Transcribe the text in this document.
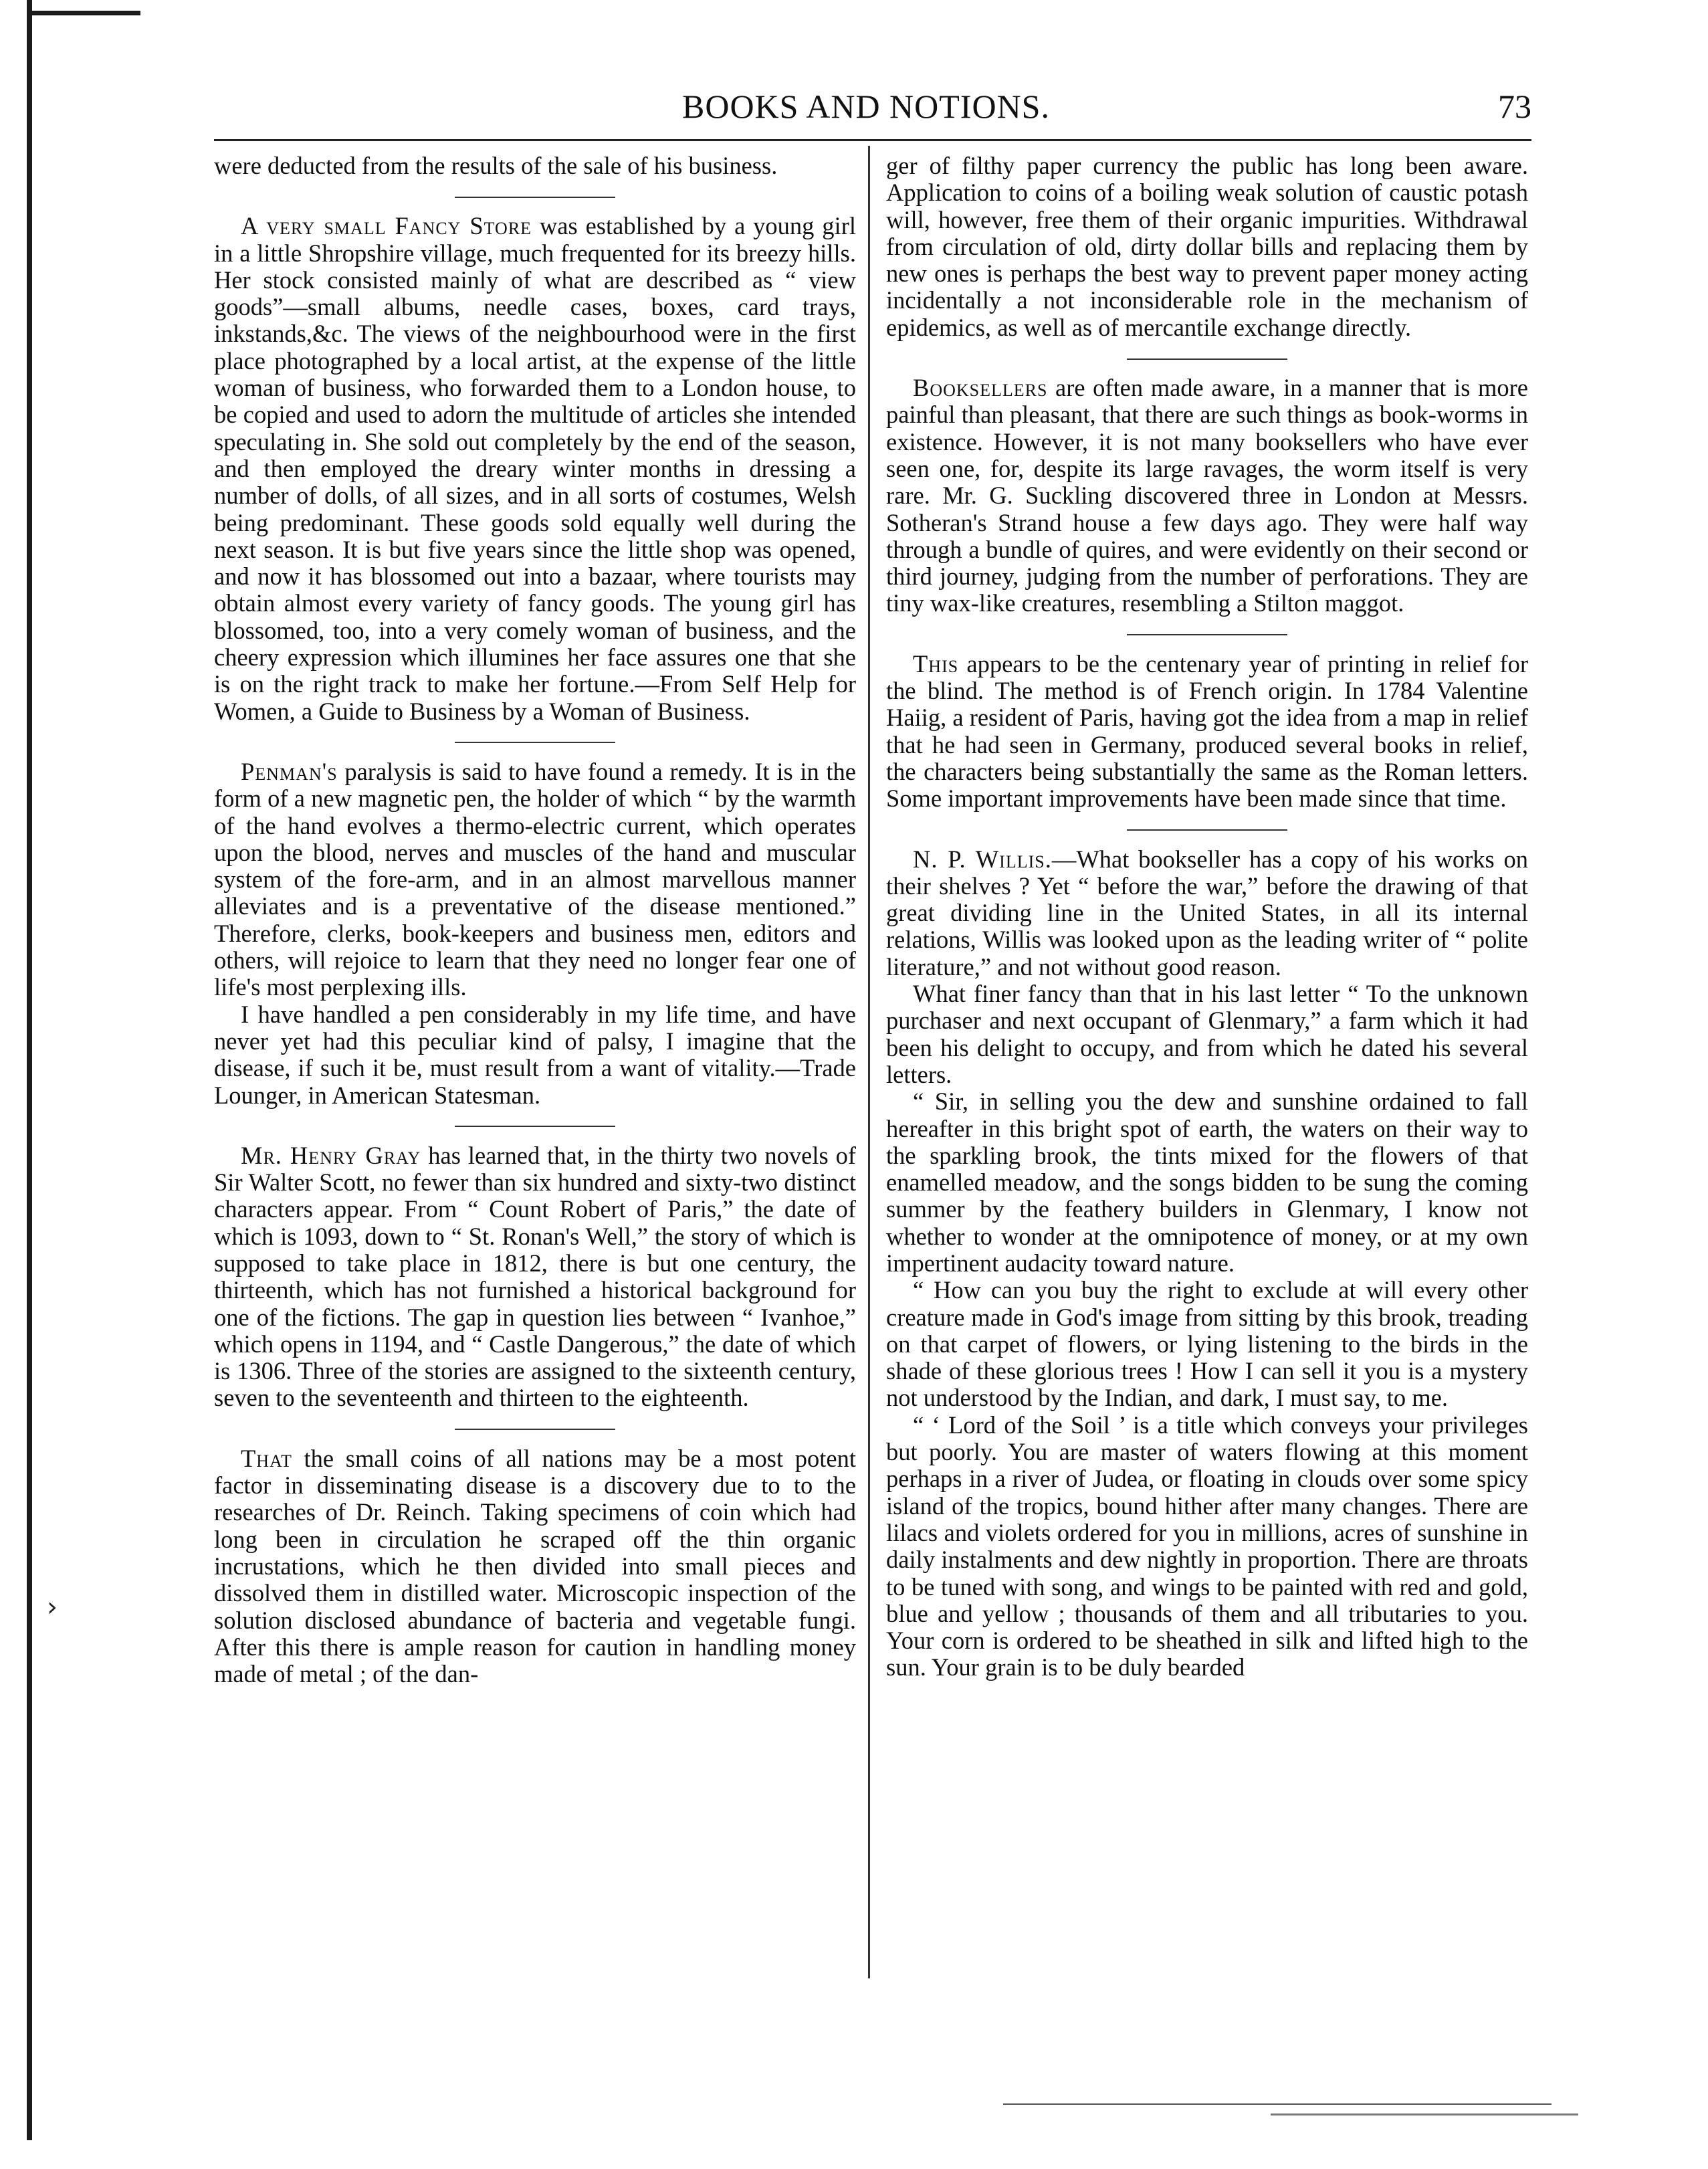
BOOKS AND NOTIONS.	73

were deducted from the results of the sale of his business.

A very small Fancy Store was established by a young girl in a little Shropshire village, much frequented for its breezy hills. Her stock consisted mainly of what are described as “ view goods”—small albums, needle cases, boxes, card trays, inkstands,&c. The views of the neighbourhood were in the first place photographed by a local artist, at the expense of the little woman of business, who forwarded them to a London house, to be copied and used to adorn the multitude of articles she intended speculating in. She sold out completely by the end of the season, and then employed the dreary winter months in dressing a number of dolls, of all sizes, and in all sorts of costumes, Welsh being predominant. These goods sold equally well during the next season. It is but five years since the little shop was opened, and now it has blossomed out into a bazaar, where tourists may obtain almost every variety of fancy goods. The young girl has blossomed, too, into a very comely woman of business, and the cheery expression which illumines her face assures one that she is on the right track to make her fortune.—From Self Help for Women, a Guide to Business by a Woman of Business.

Penman's paralysis is said to have found a remedy. It is in the form of a new magnetic pen, the holder of which “ by the warmth of the hand evolves a thermo-electric current, which operates upon the blood, nerves and muscles of the hand and muscular system of the fore-arm, and in an almost marvellous manner alleviates and is a preventative of the disease mentioned.” Therefore, clerks, book-keepers and business men, editors and others, will rejoice to learn that they need no longer fear one of life's most perplexing ills.

I have handled a pen considerably in my life time, and have never yet had this peculiar kind of palsy, I imagine that the disease, if such it be, must result from a want of vitality.—Trade Lounger, in American Statesman.

Mr. Henry Gray has learned that, in the thirty two novels of Sir Walter Scott, no fewer than six hundred and sixty-two distinct characters appear. From “ Count Robert of Paris,” the date of which is 1093, down to “ St. Ronan's Well,” the story of which is supposed to take place in 1812, there is but one century, the thirteenth, which has not furnished a historical background for one of the fictions. The gap in question lies between “ Ivanhoe,” which opens in 1194, and “ Castle Dangerous,” the date of which is 1306. Three of the stories are assigned to the sixteenth century, seven to the seventeenth and thirteen to the eighteenth.

That the small coins of all nations may be a most potent factor in disseminating disease is a discovery due to to the researches of Dr. Reinch. Taking specimens of coin which had long been in circulation he scraped off the thin organic incrustations, which he then divided into small pieces and dissolved them in distilled water. Microscopic inspection of the solution disclosed abundance of bacteria and vegetable fungi. After this there is ample reason for caution in handling money made of metal ; of the dan-

ger of filthy paper currency the public has long been aware. Application to coins of a boiling weak solution of caustic potash will, however, free them of their organic impurities. Withdrawal from circulation of old, dirty dollar bills and replacing them by new ones is perhaps the best way to prevent paper money acting incidentally a not inconsiderable role in the mechanism of epidemics, as well as of mercantile exchange directly.

Booksellers are often made aware, in a manner that is more painful than pleasant, that there are such things as book-worms in existence. However, it is not many booksellers who have ever seen one, for, despite its large ravages, the worm itself is very rare. Mr. G. Suckling discovered three in London at Messrs. Sotheran's Strand house a few days ago. They were half way through a bundle of quires, and were evidently on their second or third journey, judging from the number of perforations. They are tiny wax-like creatures, resembling a Stilton maggot.

This appears to be the centenary year of printing in relief for the blind. The method is of French origin. In 1784 Valentine Haiig, a resident of Paris, having got the idea from a map in relief that he had seen in Germany, produced several books in relief, the characters being substantially the same as the Roman letters. Some important improvements have been made since that time.

N. P. Willis.—What bookseller has a copy of his works on their shelves ? Yet “ before the war,” before the drawing of that great dividing line in the United States, in all its internal relations, Willis was looked upon as the leading writer of “ polite literature,” and not without good reason.

What finer fancy than that in his last letter “ To the unknown purchaser and next occupant of Glenmary,” a farm which it had been his delight to occupy, and from which he dated his several letters.

“ Sir, in selling you the dew and sunshine ordained to fall hereafter in this bright spot of earth, the waters on their way to the sparkling brook, the tints mixed for the flowers of that enamelled meadow, and the songs bidden to be sung the coming summer by the feathery builders in Glenmary, I know not whether to wonder at the omnipotence of money, or at my own impertinent audacity toward nature.

“ How can you buy the right to exclude at will every other creature made in God's image from sitting by this brook, treading on that carpet of flowers, or lying listening to the birds in the shade of these glorious trees ! How I can sell it you is a mystery not understood by the Indian, and dark, I must say, to me.

“ ‘ Lord of the Soil ’ is a title which conveys your privileges but poorly. You are master of waters flowing at this moment perhaps in a river of Judea, or floating in clouds over some spicy island of the tropics, bound hither after many changes. There are lilacs and violets ordered for you in millions, acres of sunshine in daily instalments and dew nightly in proportion. There are throats to be tuned with song, and wings to be painted with red and gold, blue and yellow ; thousands of them and all tributaries to you. Your corn is ordered to be sheathed in silk and lifted high to the sun. Your grain is to be duly bearded

›
